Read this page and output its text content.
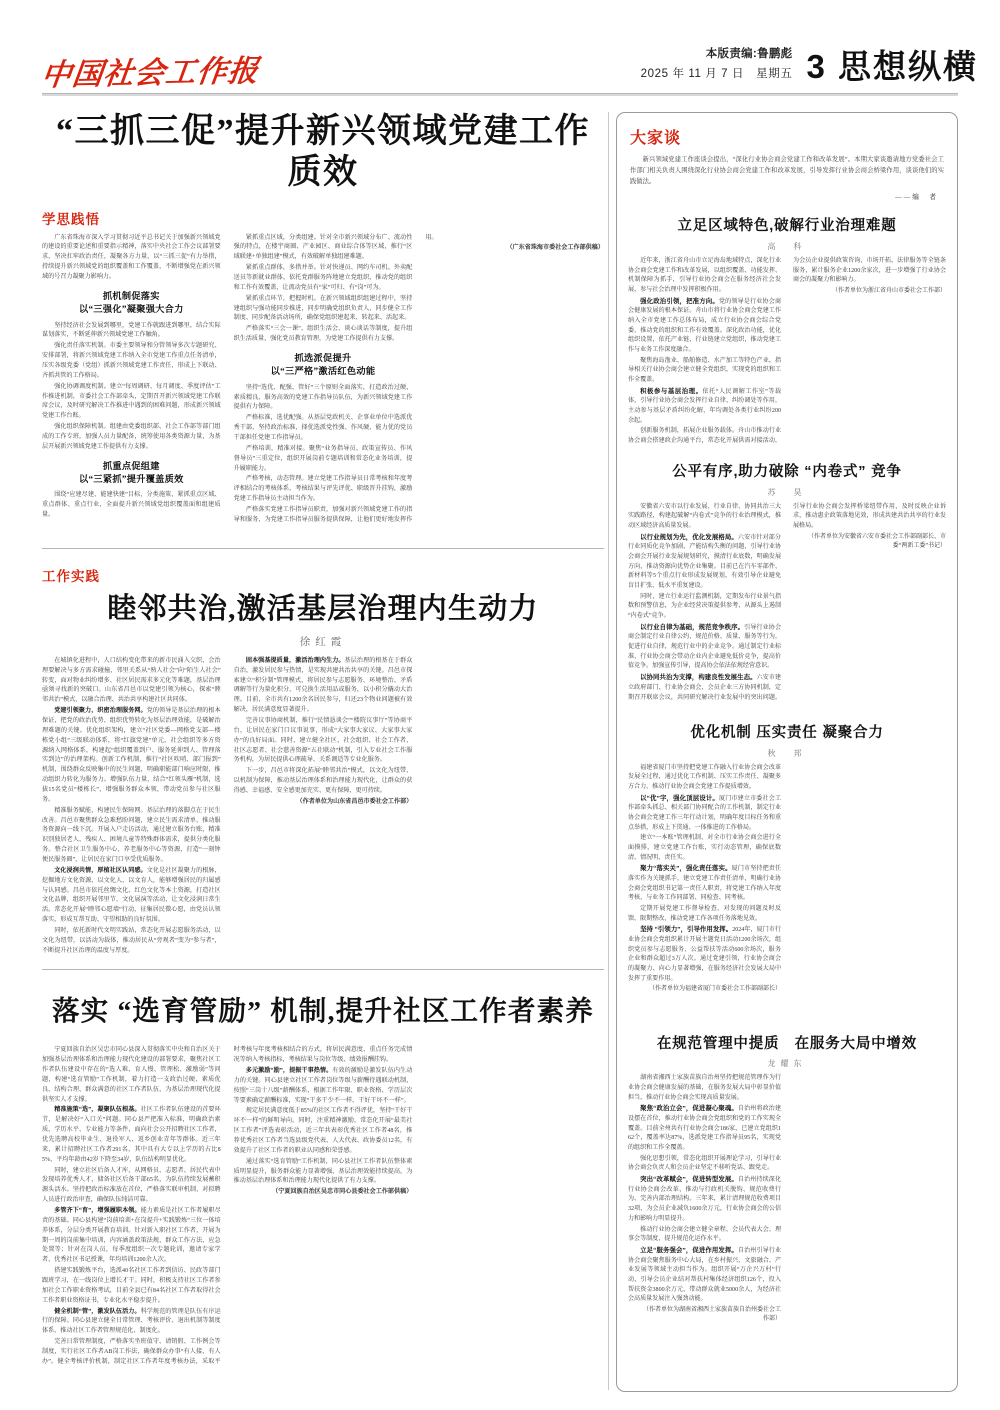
中国社会工作报
本版责编:鲁鹏彪
2025 年 11 月 7 日　星期五 3 思想纵横
“三抓三促”提升新兴领域党建工作质效
学思践悟

广东省珠海市深入学习贯彻习近平总书记关于加强新兴领域党的建设的重要论述和重要指示精神，落实中央社会工作会议部署要求，坚决扛牢政治责任，凝聚各方力量，以“三抓三促”有力举措，持续提升新兴领域党的组织覆盖和工作覆盖，不断增强党在新兴领域的号召力凝聚力影响力。

抓机制促落实
以“三强化”凝聚强大合力

坚持经济社会发展到哪里，党建工作就跟进到哪里，结合实际谋划落实，不断延伸新兴领域党建工作触角。

强化责任落实机制。市委主要领导和分管领导多次专题研究、安排部署，将新兴领域党建工作纳入全市党建工作重点任务清单，压实各级党委（党组）抓新兴领域党建工作责任，形成上下联动、齐抓共管的工作格局。

强化协调调度机制。建立“每周调研、每月调度、季度评估”工作推进机制，市委社会工作部牵头，定期召开新兴领域党建工作联席会议，及时研究解决工作推进中遇到的困难问题，形成新兴领域党建工作台账。

强化组织保障机制。组建由党委组织部、社会工作部等部门组成的工作专班，加强人员力量配备，统筹使用各类资源力量，为基层开展新兴领域党建工作提供有力支撑。

抓重点促组建
以“三紧抓”提升覆盖质效

围绕“应建尽建、能建快建”目标，分类施策，紧抓重点区域、重点群体、重点行业，全面提升新兴领域党组织覆盖面和组建质量。

紧抓重点区域，分类组建。针对全市新兴领域分布广、流动性强的特点，在楼宇商圈、产业园区、商业综合体等区域，推行“区域联建+单独组建”模式，有效破解单独组建难题。

紧抓重点群体，多措并举。针对快递员、网约车司机、外卖配送员等新就业群体，依托党群服务阵地建立党组织，推动党的组织和工作有效覆盖，让流动党员有“家”可归、有“岗”可为。

紧抓重点环节，把握时机。在新兴领域组织组建过程中，坚持建组织与强功能同步推进，同步明确党组织负责人、同步健全工作制度、同步配备活动场所，确保党组织建起来、转起来、活起来。

严格落实“三会一课”、组织生活会、谈心谈话等制度，提升组织生活质量，强化党员教育管理，为党建工作提供有力支撑。

抓选派促提升
以“三严格”激活红色动能

坚持“选优、配强、管好”三个原则全面落实，打造政治过硬、素质精良、服务高效的党建工作指导员队伍，为新兴领域党建工作提供有力保障。

严格标准，选优配强。从基层党政机关、企事业单位中选派优秀干部，坚持政治标准，择优选派党性强、作风硬、能力优的党员干部担任党建工作指导员。

严格培训，精准对接。聚焦“业务指导员、政策宣传员、作风督导员”三重定位，组织开展岗前专题培训和常态化业务培训，提升履职能力。

严格考核，动态管理。建立党建工作指导员日常考核和年度考评相结合的考核体系，考核结果与评先评优、职级晋升挂钩，激励党建工作指导员主动担当作为。

严格落实党建工作指导员职责，加强对新兴领域党建工作的指导和服务，为党建工作指导员服务提供保障，让他们更好地发挥作用。

（广东省珠海市委社会工作部供稿）

工作实践
睦邻共治,激活基层治理内生动力
徐红霞

在城镇化进程中，人口结构变化带来的新市民涌入交织，会治理要解决与多方需求碰撞，邻里关系从“熟人社会”向“陌生人社会”转变，面对物业纠纷增多、社区居民需求多元化等难题，基层治理亟须寻找新的突破口。山东省昌邑市以党建引领为核心，探索“睦邻共治”模式，以融合治理、共治共享构建社区共同体。

党建引领聚力，织密治理服务网。党的领导是基层治理的根本保证，把党的政治优势、组织优势转化为基层治理效能，是破解治理难题的关键。优化组织架构，建立“社区党委—网格党支部—楼栋党小组”三级联动体系，将“红旗党建”单元，社会组织等多方资源纳入网格体系，构建起“组织覆盖到户、服务延伸到人、管理落实到边”的治理架构。创新工作机制，推行“社区吹哨、部门报到”机制，围绕群众反映集中的民生问题，明确职能部门响应时限，推动组织力转化为服务力。增强队伍力量，结合“红领头雁”机制，选拔15名党员“楼栋长”，增强服务群众本领，带动党员参与社区服务。

精准服务赋能，构建民生保障网。基层治理的落脚点在于民生改善。昌邑市聚焦群众急难愁盼问题，建立民生需求清单，推动服务资源向一线下沉。开展入户走访活动，通过建立服务台账，精准识别独居老人、残疾人、困境儿童等特殊群体需求，提供分类化服务。整合社区卫生服务中心、养老服务中心等资源，打造“一刻钟便民服务圈”，让居民在家门口享受优质服务。

文化浸润共情，厚植社区认同感。文化是社区凝聚力的根脉，挖掘地方文化资源，以文化人、以文育人，能够增强居民的归属感与认同感。昌邑市依托丝绸文化、红色文化等本土资源，打造社区文化品牌，组织开展邻里节、文化展演等活动，让文化浸润日常生活。常态化开展“睦邻心愿墙”行动，征集居民微心愿，由党员认领落实，形成互帮互助、守望相助的良好氛围。

同时，依托新时代文明实践站，常态化开展志愿服务活动，以文化为纽带，以活动为载体，推动居民从“旁观者”变为“参与者”，不断提升社区治理的温度与厚度。

固本强基提质量，激活治理内生力。基层治理的根基在于群众自治，激发居民参与热情，是实现共建共治共享的关键。昌邑市探索建立“积分制”管理模式，将居民参与志愿服务、环境整治、矛盾调解等行为量化积分，可兑换生活用品或服务，以小积分撬动大治理。目前，全市共有1200余名居民参与，归还23个物业问题被有效解决，居民满意度显著提升。

完善议事协商机制，推行“民情恳谈会”“楼院议事厅”等协商平台，让居民在家门口议事说事，形成“大家事大家议、大家事大家办”的良好局面。同时，建立健全社区、社会组织、社会工作者、社区志愿者、社会慈善资源“五社联动”机制，引入专业社会工作服务机构，为居民提供心理疏导、关系调适等专业化服务。

下一步，昌邑市将深化拓展“睦邻共治”模式，以文化为纽带、以机制为保障，推动基层治理体系和治理能力现代化，让群众的获得感、幸福感、安全感更加充实、更有保障、更可持续。

（作者单位为山东省昌邑市委社会工作部）

落实 “选育管励” 机制,提升社区工作者素养

宁夏回族自治区吴忠市同心县深入贯彻落实中央和自治区关于加强基层治理体系和治理能力现代化建设的部署要求，聚焦社区工作者队伍建设中存在的“选人难、育人慢、管理松、激励弱”等问题，构建“选育管励”工作机制，着力打造一支政治过硬、素质优良、结构合理、群众满意的社区工作者队伍，为基层治理现代化提供坚实人才支撑。

精准施策“选”，凝聚队伍根基。社区工作者队伍建设的首要环节，是解决好“入口关”问题。同心县严把准入标准，明确政治素质、学历水平、专业能力等条件，面向社会公开招聘社区工作者，优先选聘高校毕业生、退役军人、返乡创业青年等群体。近三年来，累计招聘社区工作者291名，其中具有大专以上学历的占比85%，平均年龄由42岁下降至34岁，队伍结构明显优化。

同时，建立社区后备人才库，从网格员、志愿者、居民代表中发现培养优秀人才，储备社区后备干部65名，为队伍持续发展蓄积源头活水。坚持把政治标准放在首位，严格落实联审机制，对拟聘人员进行政治审查，确保队伍纯洁可靠。

多管齐下“育”，增强履职本领。能力素质是社区工作者履职尽责的基础。同心县构建“岗前培训+在岗提升+实践锻炼”三位一体培养体系，分层分类开展教育培训。针对新入职社区工作者，开展为期一周的岗前集中培训，内容涵盖政策法规、群众工作方法、应急处置等；针对在岗人员，每季度组织一次专题轮训，邀请专家学者、优秀社区书记授课，年均培训1200余人次。

搭建实践锻炼平台，选派40名社区工作者到信访、民政等部门跟班学习，在一线岗位上增长才干。同时，积极支持社区工作者参加社会工作职业资格考试，目前全县已有84名社区工作者取得社会工作者职业资格证书，专业化水平稳步提升。

健全机制“管”，激发队伍活力。科学规范的管理是队伍有序运行的保障。同心县建立健全日常管理、考核评价、退出机制等制度体系，推动社区工作者管理规范化、制度化。

完善日常管理制度，严格落实坐班值守、请销假、工作例会等制度，实行社区工作者AB岗工作法，确保群众办事“有人接、有人办”。健全考核评价机制，制定社区工作者年度考核办法，采取平时考核与年度考核相结合的方式，将居民满意度、重点任务完成情况等纳入考核指标，考核结果与岗位等级、绩效报酬挂钩。

多元激励“励”，提振干事热情。有效的激励是激发队伍内生动力的关键。同心县建立社区工作者岗位等级与薪酬待遇联动机制，按照“三岗十八级”薪酬体系，根据工作年限、职业资格、学历层次等要素确定薪酬标准，实现“干多干少不一样、干好干坏不一样”。

规定居民满意度低于85%的社区工作者不得评优，坚持“干好干坏不一样”的鲜明导向。同时，注重精神激励，常态化开展“最美社区工作者”评选表彰活动，近三年共表彰优秀社区工作者48名，推荐优秀社区工作者当选县级党代表、人大代表、政协委员12名，有效提升了社区工作者的职业认同感和荣誉感。

通过落实“选育管励”工作机制，同心县社区工作者队伍整体素质明显提升，服务群众能力显著增强，基层治理效能持续提高，为推动基层治理体系和治理能力现代化提供了有力支撑。

（宁夏回族自治区吴忠市同心县委社会工作部供稿）

大家谈
新兴领域党建工作座谈会提出，“深化行业协会商会党建工作和改革发展”。本期大家谈邀请地方党委社会工作部门相关负责人围绕深化行业协会商会党建工作和改革发展，引导发挥行业协会商会桥梁作用，谈谈他们的实践做法。
——编　者
立足区域特色,破解行业治理难题
高　科

近年来，浙江省舟山市立足海岛地域特点，深化行业协会商会党建工作和改革发展，以组织覆盖、功能发挥、机制保障为抓手，引导行业协会商会在服务经济社会发展、参与社会治理中发挥积极作用。

强化政治引领，把准方向。党的领导是行业协会商会健康发展的根本保证。舟山市将行业协会商会党建工作纳入全市党建工作总体布局，成立行业协会商会综合党委，推动党的组织和工作有效覆盖。深化政治功能，优化组织设置，依托产业链、行业链建立党组织，推动党建工作与业务工作深度融合。

聚焦海岛渔业、船舶修造、水产加工等特色产业，指导相关行业协会商会建立健全党组织，实现党的组织和工作全覆盖。

积极参与基层治理。依托“人民调解工作室”等载体，引导行业协会商会发挥行业自律、纠纷调处等作用，主动参与基层矛盾纠纷化解，年均调处各类行业纠纷200余起。

创新服务机制，拓展企业服务载体。舟山市推动行业协会商会搭建政企沟通平台，常态化开展供需对接活动，为会员企业提供政策咨询、市场开拓、法律服务等全链条服务，累计服务企业1200余家次，进一步增强了行业协会商会的凝聚力和影响力。

（作者单位为浙江省舟山市委社会工作部）

公平有序,助力破除 “内卷式” 竞争
苏　昊

安徽省六安市以行业发展、行业自律、协同共治三大实践路径，构建起破解“内卷式”竞争的行业治理模式，推动区域经济高质量发展。

以行业规划为先，优化发展格局。六安市针对部分行业同质化竞争加剧、产能结构失衡的问题，引导行业协会商会开展行业发展规划研究，摸清行业底数，明确发展方向，推动资源向优势企业集聚。目前已在汽车零部件、新材料等5个重点行业形成发展规划，有效引导企业避免盲目扩张、低水平重复建设。

同时，建立行业运行监测机制，定期发布行业景气指数和预警信息，为企业经营决策提供参考，从源头上遏制“内卷式”竞争。

以行业自律为基础，规范竞争秩序。引导行业协会商会制定行业自律公约，规范价格、质量、服务等行为，促进行业自律，规范行业中的企业竞争。通过制定行业标准，行业协会商会带动企业内企业避免低价竞争，提高价值竞争。加强宣传引导，提高协会依法依规经营意识。

以协同共治为支撑，构建良性发展生态。六安市建立政府部门、行业协会商会、会员企业三方协同机制，定期召开联席会议，共同研究解决行业发展中的突出问题。引导行业协会商会发挥桥梁纽带作用，及时反映企业诉求，推动惠企政策落地见效，形成共建共治共享的行业发展格局。

（作者单位为安徽省六安市委社会工作部副部长、市委“两新工委”书记）

优化机制 压实责任 凝聚合力
秋　邦

福建省厦门市坚持把党建工作融入行业协会商会改革发展全过程，通过优化工作机制、压实工作责任、凝聚多方合力，推动行业协会商会党建工作提质增效。

以“优”字，强化顶层设计。厦门市建立市委社会工作部牵头抓总、相关部门协同配合的工作机制，制定行业协会商会党建工作三年行动计划，明确年度目标任务和重点举措，形成上下贯通、一体推进的工作格局。

建立“一本账”管理机制，对全市行业协会商会进行全面摸排，建立党建工作台账，实行动态管理，确保底数清、情况明、责任实。

聚力“落实关”，强化责任落实。厦门市坚持把责任落实作为关键抓手，建立党建工作责任清单，明确行业协会商会党组织书记第一责任人职责，将党建工作纳入年度考核，与业务工作同部署、同检查、同考核。

定期开展党建工作督导检查，对发现的问题及时反馈、限期整改，推动党建工作各项任务落地见效。

坚持 “引领力”，引导作用发挥。2024年，厦门市行业协会商会党组织累计开展主题党日活动1200余场次，组织党员参与志愿服务、公益帮扶等活动600余场次，服务企业和群众超过3万人次。通过党建引领，行业协会商会的凝聚力、向心力显著增强，在服务经济社会发展大局中发挥了重要作用。

（作者单位为福建省厦门市委社会工作部副部长）

在规范管理中提质　在服务大局中增效
龙耀东

湖南省湘西土家族苗族自治州坚持把规范管理作为行业协会商会健康发展的基础，在服务发展大局中彰显价值担当，推动行业协会商会实现高质量发展。

聚焦“政治立会”，促进凝心聚魂。自治州将政治建设摆在首位，推动行业协会商会党组织和党的工作实现全覆盖。目前全州共有行业协会商会186家，已建立党组织162个，覆盖率达87%，选派党建工作指导员95名，实现党的组织和工作全覆盖。

强化思想引领，常态化组织开展理论学习，引导行业协会商会负责人和会员企业坚定不移听党话、跟党走。

突出“改革赋会”，促进转型发展。自治州持续深化行业协会商会改革，推动与行政机关脱钩、规范收费行为、完善内部治理结构。三年来，累计清理规范收费项目32项，为会员企业减负1600余万元，行业协会商会的公信力和影响力明显提升。

推动行业协会商会建立健全章程、会员代表大会、理事会等制度，提升规范化运作水平。

立足“服务强会”，促进作用发挥。自治州引导行业协会商会聚焦服务中心大局，在乡村振兴、文旅融合、产业发展等领域主动担当作为。组织开展“万企兴万村”行动，引导会员企业结对帮扶村集体经济组织126个，投入帮扶资金3800余万元，带动群众就业5000余人，为经济社会高质量发展注入强劲动能。

（作者单位为湖南省湘西土家族苗族自治州委社会工作部）
